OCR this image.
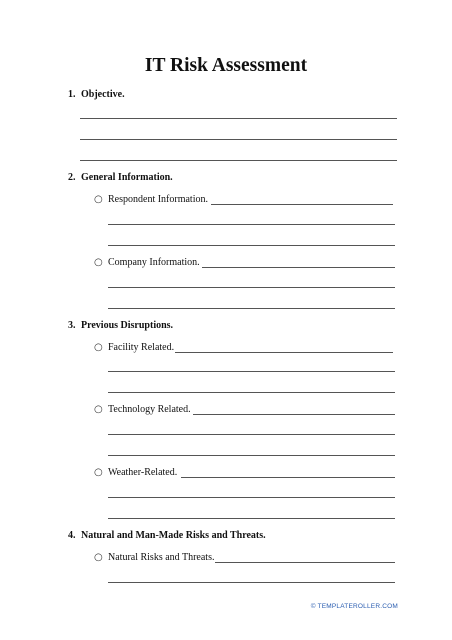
IT Risk Assessment
1. Objective.
2. General Information.
○ Respondent Information.
○ Company Information.
3. Previous Disruptions.
○ Facility Related.
○ Technology Related.
○ Weather-Related.
4. Natural and Man-Made Risks and Threats.
○ Natural Risks and Threats.
© TEMPLATEROLLER.COM
